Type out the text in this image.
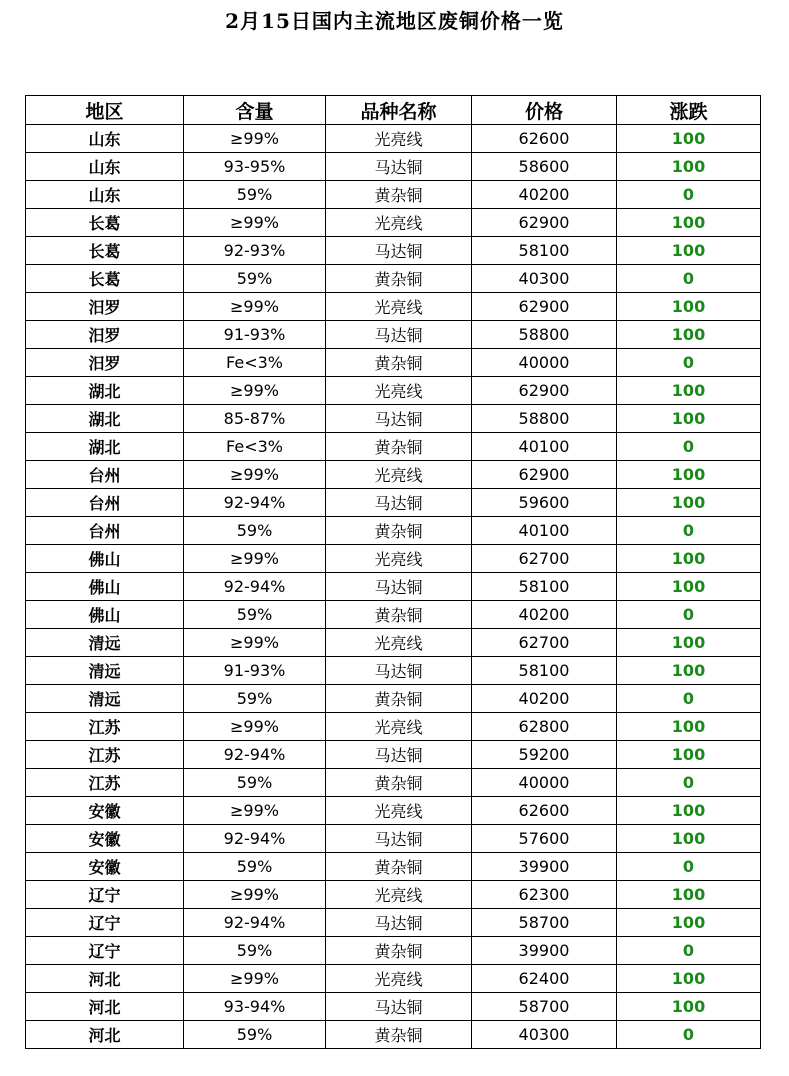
2月15日国内主流地区废铜价格一览
地区	含量	品种名称	价格	涨跌
山东	≥99%	光亮线	62600	100
山东	93-95%	马达铜	58600	100
山东	59%	黄杂铜	40200	0
长葛	≥99%	光亮线	62900	100
长葛	92-93%	马达铜	58100	100
长葛	59%	黄杂铜	40300	0
汨罗	≥99%	光亮线	62900	100
汨罗	91-93%	马达铜	58800	100
汨罗	Fe<3%	黄杂铜	40000	0
湖北	≥99%	光亮线	62900	100
湖北	85-87%	马达铜	58800	100
湖北	Fe<3%	黄杂铜	40100	0
台州	≥99%	光亮线	62900	100
台州	92-94%	马达铜	59600	100
台州	59%	黄杂铜	40100	0
佛山	≥99%	光亮线	62700	100
佛山	92-94%	马达铜	58100	100
佛山	59%	黄杂铜	40200	0
清远	≥99%	光亮线	62700	100
清远	91-93%	马达铜	58100	100
清远	59%	黄杂铜	40200	0
江苏	≥99%	光亮线	62800	100
江苏	92-94%	马达铜	59200	100
江苏	59%	黄杂铜	40000	0
安徽	≥99%	光亮线	62600	100
安徽	92-94%	马达铜	57600	100
安徽	59%	黄杂铜	39900	0
辽宁	≥99%	光亮线	62300	100
辽宁	92-94%	马达铜	58700	100
辽宁	59%	黄杂铜	39900	0
河北	≥99%	光亮线	62400	100
河北	93-94%	马达铜	58700	100
河北	59%	黄杂铜	40300	0
